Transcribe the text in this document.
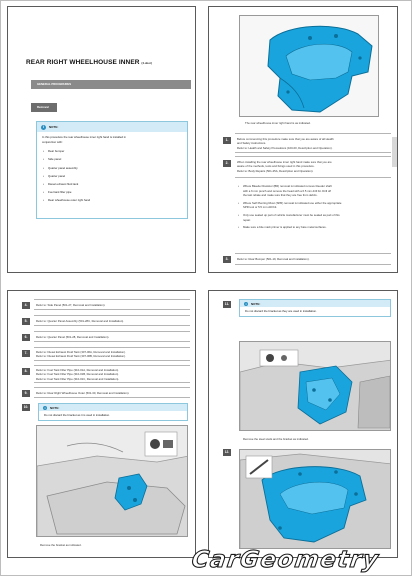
REAR RIGHT WHEELHOUSE INNER (4-door)
GENERAL PROCEDURES
Removal
i	NOTE:
In this procedure the rear wheelhouse inner right hand is installed in
conjunction with:
• Rear bumper
• Side panel
• Quarter panel assembly
• Quarter panel
• Diesel exhaust fluid tank
• Fuel tank filler pipe
• Rear wheelhouse outer right hand
The rear wheelhouse inner right hand is as indicated.
1.	Before commencing this procedure make sure that you are aware of all Health
and Safety instructions.
Refer to: Health and Safety Precautions (100-00, Description and Operation).
2.	When installing the rear wheelhouse inner right hand make sure that you are
aware of the methods, tools and fixings used in this procedure.
Refer to: Body Repairs (501-25A, Description and Operation).
• Where Bleeder Resistor (BR) removal is indicated remove bleeder shaft
with a 6 mm punch and remove the head with a 6.5 mm drill bit. Drill off
the last rebate and make sure that they are free from debris.
• Where Self Piercing Rivet (SPR) removal is indicated use either the appropriate
SPR tool or 5.5 mm drill bit.
• Only use sealed up part of vehicle manufacturer must be sealed as part of this
repair.
• Make sure a bite mark primer is applied to any bare metal surfaces.
3.	Refer to: Rear Bumper (501-19, Removal and Installation).
4.	Refer to: Side Panel (501-27, Removal and Installation).
5.	Refer to: Quarter Panel Assembly (501-28C, Removal and Installation).
6.	Refer to: Quarter Panel (501-28, Removal and Installation).
7.	Refer to: Diesel Exhaust Fluid Tank (307-06A, Removal and Installation).
Refer to: Diesel Exhaust Fluid Tank (307-06B, Removal and Installation).
8.	Refer to: Fuel Tank Filler Pipe (310-01A, Removal and Installation).
Refer to: Fuel Tank Filler Pipe (310-01B, Removal and Installation).
Refer to: Fuel Tank Filler Pipe (310-01C, Removal and Installation).
9.	Refer to: Rear Right Wheelhouse Outer (501-30, Removal and Installation).
10.	i	NOTE:
Do not discard the bracket as it is used in installation.
Remove the bracket as indicated.
11.	i	NOTE:
Do not discard the bracket as they are used in installation.
Remove the steel studs and the bracket as indicated.
12.
CarGeometry
